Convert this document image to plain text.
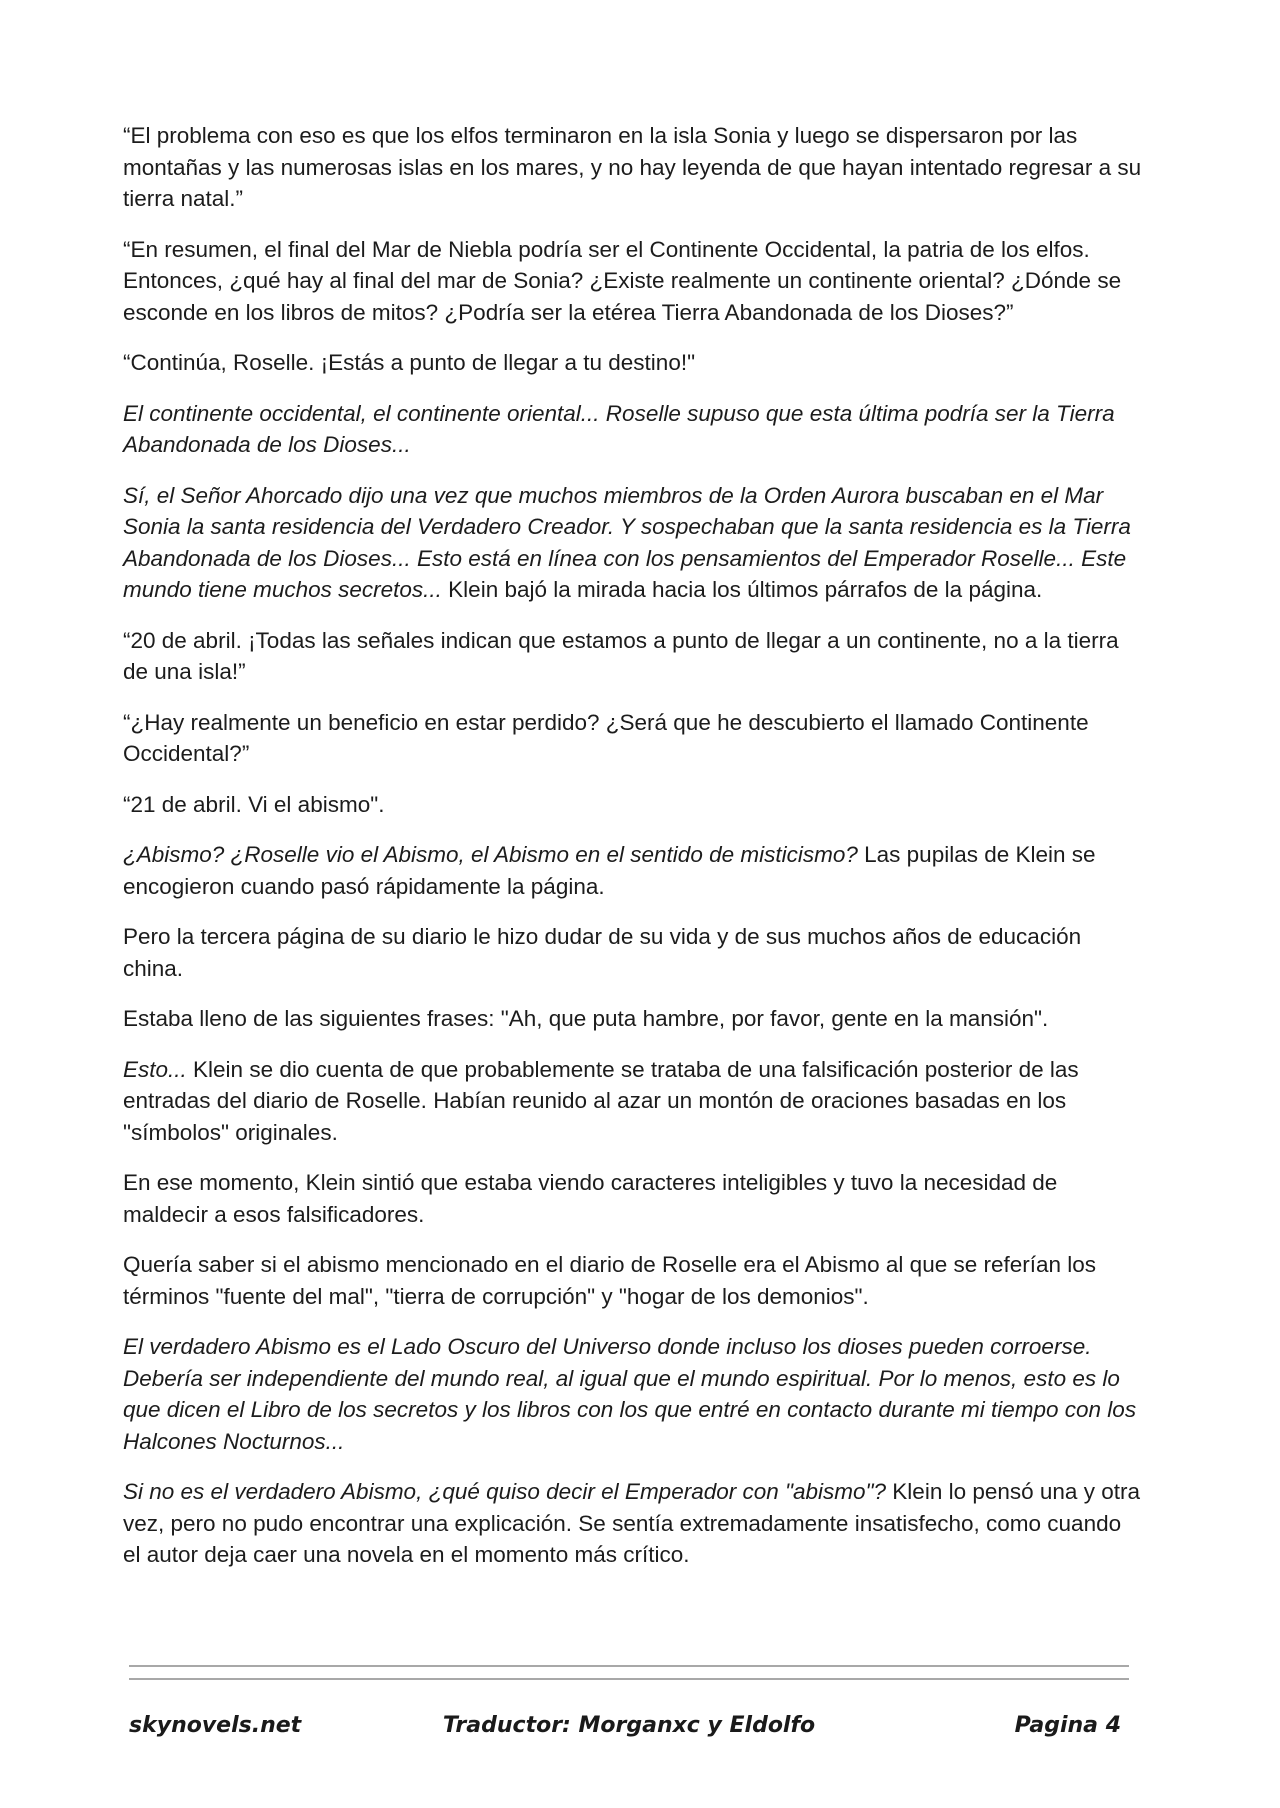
“El problema con eso es que los elfos terminaron en la isla Sonia y luego se dispersaron por las montañas y las numerosas islas en los mares, y no hay leyenda de que hayan intentado regresar a su tierra natal.”

“En resumen, el final del Mar de Niebla podría ser el Continente Occidental, la patria de los elfos. Entonces, ¿qué hay al final del mar de Sonia? ¿Existe realmente un continente oriental? ¿Dónde se esconde en los libros de mitos? ¿Podría ser la etérea Tierra Abandonada de los Dioses?”

“Continúa, Roselle. ¡Estás a punto de llegar a tu destino!"

El continente occidental, el continente oriental... Roselle supuso que esta última podría ser la Tierra Abandonada de los Dioses...

Sí, el Señor Ahorcado dijo una vez que muchos miembros de la Orden Aurora buscaban en el Mar Sonia la santa residencia del Verdadero Creador. Y sospechaban que la santa residencia es la Tierra Abandonada de los Dioses... Esto está en línea con los pensamientos del Emperador Roselle... Este mundo tiene muchos secretos... Klein bajó la mirada hacia los últimos párrafos de la página.

“20 de abril. ¡Todas las señales indican que estamos a punto de llegar a un continente, no a la tierra de una isla!”

“¿Hay realmente un beneficio en estar perdido? ¿Será que he descubierto el llamado Continente Occidental?”

“21 de abril. Vi el abismo".

¿Abismo? ¿Roselle vio el Abismo, el Abismo en el sentido de misticismo? Las pupilas de Klein se encogieron cuando pasó rápidamente la página.

Pero la tercera página de su diario le hizo dudar de su vida y de sus muchos años de educación china.

Estaba lleno de las siguientes frases: "Ah, que puta hambre, por favor, gente en la mansión".

Esto... Klein se dio cuenta de que probablemente se trataba de una falsificación posterior de las entradas del diario de Roselle. Habían reunido al azar un montón de oraciones basadas en los "símbolos" originales.

En ese momento, Klein sintió que estaba viendo caracteres inteligibles y tuvo la necesidad de maldecir a esos falsificadores.

Quería saber si el abismo mencionado en el diario de Roselle era el Abismo al que se referían los términos "fuente del mal", "tierra de corrupción" y "hogar de los demonios".

El verdadero Abismo es el Lado Oscuro del Universo donde incluso los dioses pueden corroerse. Debería ser independiente del mundo real, al igual que el mundo espiritual. Por lo menos, esto es lo que dicen el Libro de los secretos y los libros con los que entré en contacto durante mi tiempo con los Halcones Nocturnos...

Si no es el verdadero Abismo, ¿qué quiso decir el Emperador con "abismo"? Klein lo pensó una y otra vez, pero no pudo encontrar una explicación. Se sentía extremadamente insatisfecho, como cuando el autor deja caer una novela en el momento más crítico.

skynovels.net	Traductor: Morganxc y Eldolfo	Pagina 4
